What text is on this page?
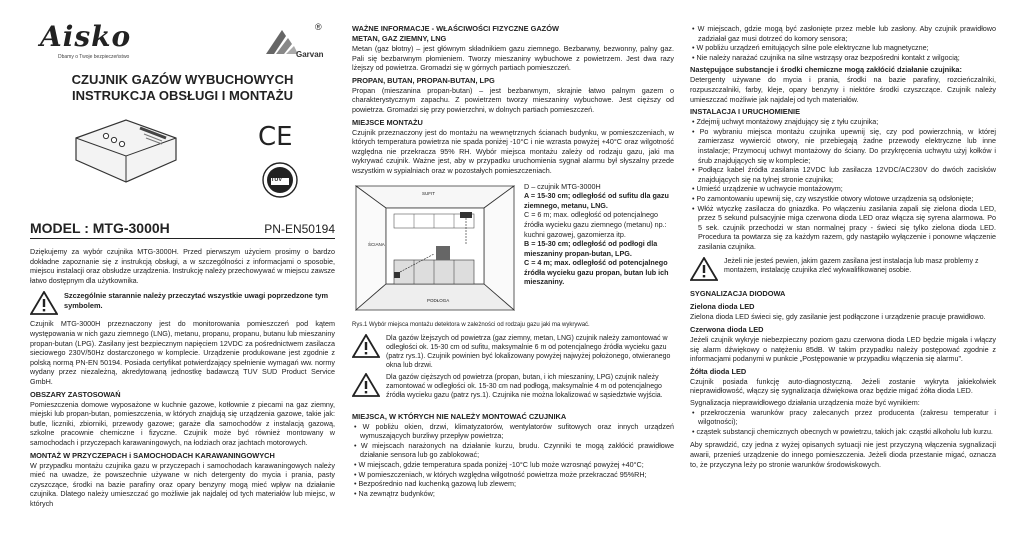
Aisko
Dbamy o Twoje bezpieczeństwo
®
Garvan
CZUJNIK GAZÓW WYBUCHOWYCH
INSTRUKCJA OBSŁUGI I MONTAŻU
CE
TÜV
MODEL : MTG-3000H	PN-EN50194

Dziękujemy za wybór czujnika MTG-3000H. Przed pierwszym użyciem prosimy o bardzo dokładne zapoznanie się z instrukcją obsługi, a w szczególności z informacjami o sposobie, miejscu instalacji oraz obsłudze urządzenia. Instrukcję należy przechowywać w miejscu zawsze łatwo dostępnym dla użytkownika.

Szczególnie starannie należy przeczytać wszystkie uwagi poprzedzone tym symbolem.

Czujnik MTG-3000H przeznaczony jest do monitorowania pomieszczeń pod kątem występowania w nich gazu ziemnego (LNG), metanu, propanu, propanu, butanu lub mieszaniny propan-butan (LPG). Zasilany jest bezpiecznym napięciem 12VDC za pośrednictwem zasilacza sieciowego 230V/50Hz dostarczonego w komplecie. Urządzenie produkowane jest zgodnie z polską normą PN-EN 50194. Posiada certyfikat potwierdzający spełnienie wymagań ww. normy wydany przez niezależną, akredytowaną jednostkę badawczą TUV SUD Product Service GmbH.

OBSZARY ZASTOSOWAŃ

Pomieszczenia domowe wyposażone w kuchnie gazowe, kotłownie z piecami na gaz ziemny, miejski lub propan-butan, pomieszczenia, w których znajdują się urządzenia gazowe, takie jak: butle, liczniki, zbiorniki, przewody gazowe; garaże dla samochodów z instalacją gazową, szkolne pracownie chemiczne i fizyczne. Czujnik może być również montowany w samochodach i przyczepach karawaningowych, na łodziach oraz jachtach motorowych.

MONTAŻ W PRZYCZEPACH i SAMOCHODACH KARAWANINGOWYCH

W przypadku montażu czujnika gazu w przyczepach i samochodach karawaningowych należy mieć na uwadze, że powszechnie używane w nich detergenty do mycia i prania, pasty czyszczące, środki na bazie parafiny oraz opary benzyny mogą mieć wpływ na działanie czujnika. Dlatego należy umieszczać go możliwie jak najdalej od tych materiałów lub miejsc, w których

WAŻNE INFORMACJE - WŁAŚCIWOŚCI FIZYCZNE GAZÓW
METAN, GAZ ZIEMNY, LNG

Metan (gaz błotny) – jest głównym składnikiem gazu ziemnego. Bezbarwny, bezwonny, palny gaz. Pali się bezbarwnym płomieniem. Tworzy mieszaniny wybuchowe z powietrzem. Jest dwa razy lżejszy od powietrza. Gromadzi się w górnych partiach pomieszczeń.

PROPAN, BUTAN, PROPAN-BUTAN, LPG

Propan (mieszanina propan-butan) – jest bezbarwnym, skrajnie łatwo palnym gazem o charakterystycznym zapachu. Z powietrzem tworzy mieszaniny wybuchowe. Jest cięższy od powietrza. Gromadzi się przy powierzchni, w dolnych partiach pomieszczeń.

MIEJSCE MONTAŻU

Czujnik przeznaczony jest do montażu na wewnętrznych ścianach budynku, w pomieszczeniach, w których temperatura powietrza nie spada poniżej -10°C i nie wzrasta powyżej +40°C oraz wilgotność względna nie przekracza 95% RH. Wybór miejsca montażu zależy od rodzaju gazu, jaki ma wykrywać czujnik. Ważne jest, aby w przypadku uruchomienia sygnał alarmu był słyszalny przede wszystkim w sypialniach oraz w pozostałych pomieszczeniach.

SUFIT
ŚCIANA
PODŁOGA

D – czujnik MTG-3000H

A = 15-30 cm; odległość od sufitu dla gazu ziemnego, metanu, LNG.

C = 6 m; max. odległość od potencjalnego źródła wycieku gazu ziemnego (metanu) np.: kuchni gazowej, gazomierza itp.

B = 15-30 cm; odległość od podłogi dla mieszaniny propan-butan, LPG.

C = 4 m; max. odległość od potencjalnego źródła wycieku gazu propan, butan lub ich mieszaniny.

Rys.1 Wybór miejsca montażu detektora w zależności od rodzaju gazu jaki ma wykrywać.
Dla gazów lżejszych od powietrza (gaz ziemny, metan, LNG) czujnik należy zamontować w odległości ok. 15-30 cm od sufitu, maksymalnie 6 m od potencjalnego źródła wycieku gazu (patrz rys.1). Czujnik powinien być lokalizowany powyżej najwyżej położonego, otwieranego okna lub drzwi.
Dla gazów cięższych od powietrza (propan, butan, i ich mieszaniny, LPG) czujnik należy zamontować w odległości ok. 15-30 cm nad podłogą, maksymalnie 4 m od potencjalnego źródła wycieku gazu (patrz rys.1). Czujnika nie można lokalizować w sąsiedztwie wyjścia.
MIEJSCA, W KTÓRYCH NIE NALEŻY MONTOWAĆ CZUJNIKA
• W pobliżu okien, drzwi, klimatyzatorów, wentylatorów sufitowych oraz innych urządzeń wymuszających burzliwy przepływ powietrza;
• W miejscach narażonych na działanie kurzu, brudu. Czynniki te mogą zakłócić prawidłowe działanie sensora lub go zablokować;
• W miejscach, gdzie temperatura spada poniżej -10°C lub może wzrosnąć powyżej +40°C;
• W pomieszczeniach, w których względna wilgotność powietrza może przekraczać 95%RH;
• Bezpośrednio nad kuchenką gazową lub zlewem;
• Na zewnątrz budynków;
• W miejscach, gdzie mogą być zasłonięte przez meble lub zasłony. Aby czujnik prawidłowo zadziałał gaz musi dotrzeć do komory sensora;
• W pobliżu urządzeń emitujących silne pole elektryczne lub magnetyczne;
• Nie należy narażać czujnika na silne wstrząsy oraz bezpośredni kontakt z wilgocią;
Następujące substancje i środki chemiczne mogą zakłócić działanie czujnika:

Detergenty używane do mycia i prania, środki na bazie parafiny, rozcieńczalniki, rozpuszczalniki, farby, kleje, opary benzyny i niektóre środki czyszczące. Czujnik należy umieszczać możliwie jak najdalej od tych materiałów.

INSTALACJA I URUCHOMIENIE
• Zdejmij uchwyt montażowy znajdujący się z tyłu czujnika;
• Po wybraniu miejsca montażu czujnika upewnij się, czy pod powierzchnią, w której zamierzasz wywiercić otwory, nie przebiegają żadne przewody elektryczne lub inne instalacje; Przymocuj uchwyt montażowy do ściany. Do przykręcenia uchwytu użyj kołków i śrub znajdujących się w komplecie;
• Podłącz kabel źródła zasilania 12VDC lub zasilacza 12VDC/AC230V do dwóch zacisków znajdujących się na tylnej stronie czujnika;
• Umieść urządzenie w uchwycie montażowym;
• Po zamontowaniu upewnij się, czy wszystkie otwory wlotowe urządzenia są odsłonięte;
• Włóż wtyczkę zasilacza do gniazdka. Po włączeniu zasilania zapali się zielona dioda LED, przez 5 sekund pulsacyjnie miga czerwona dioda LED oraz włącza się syrena alarmowa. Po 5 sek. czujnik przechodzi w stan normalnej pracy - świeci się tylko zielona dioda LED. Procedura ta powtarza się za każdym razem, gdy nastąpiło wyłączenie i ponowne włączenie zasilania czujnika.
Jeżeli nie jesteś pewien, jakim gazem zasilana jest instalacja lub masz problemy z montażem, instalację czujnika zleć wykwalifikowanej osobie.
SYGNALIZACJA DIODOWA
Zielona dioda LED

Zielona dioda LED świeci się, gdy zasilanie jest podłączone i urządzenie pracuje prawidłowo.

Czerwona dioda LED

Jeżeli czujnik wykryje niebezpieczny poziom gazu czerwona dioda LED będzie migała i włączy się alarm dźwiękowy o natężeniu 85dB. W takim przypadku należy postępować zgodnie z informacjami podanymi w punkcie „Postępowanie w przypadku włączenia się alarmu”.

Żółta dioda LED

Czujnik posiada funkcję auto-diagnostyczną. Jeżeli zostanie wykryta jakiekolwiek nieprawidłowość, włączy się sygnalizacja dźwiękowa oraz będzie migać żółta dioda LED.

Sygnalizacja nieprawidłowego działania urządzenia może być wynikiem:

• przekroczenia warunków pracy zalecanych przez producenta (zakresu temperatur i wilgotności);
• cząstek substancji chemicznych obecnych w powietrzu, takich jak: cząstki alkoholu lub kurzu.

Aby sprawdzić, czy jedna z wyżej opisanych sytuacji nie jest przyczyną włączenia sygnalizacji awarii, przenieś urządzenie do innego pomieszczenia. Jeżeli dioda przestanie migać, oznacza to, że przyczyna leży po stronie warunków środowiskowych.
